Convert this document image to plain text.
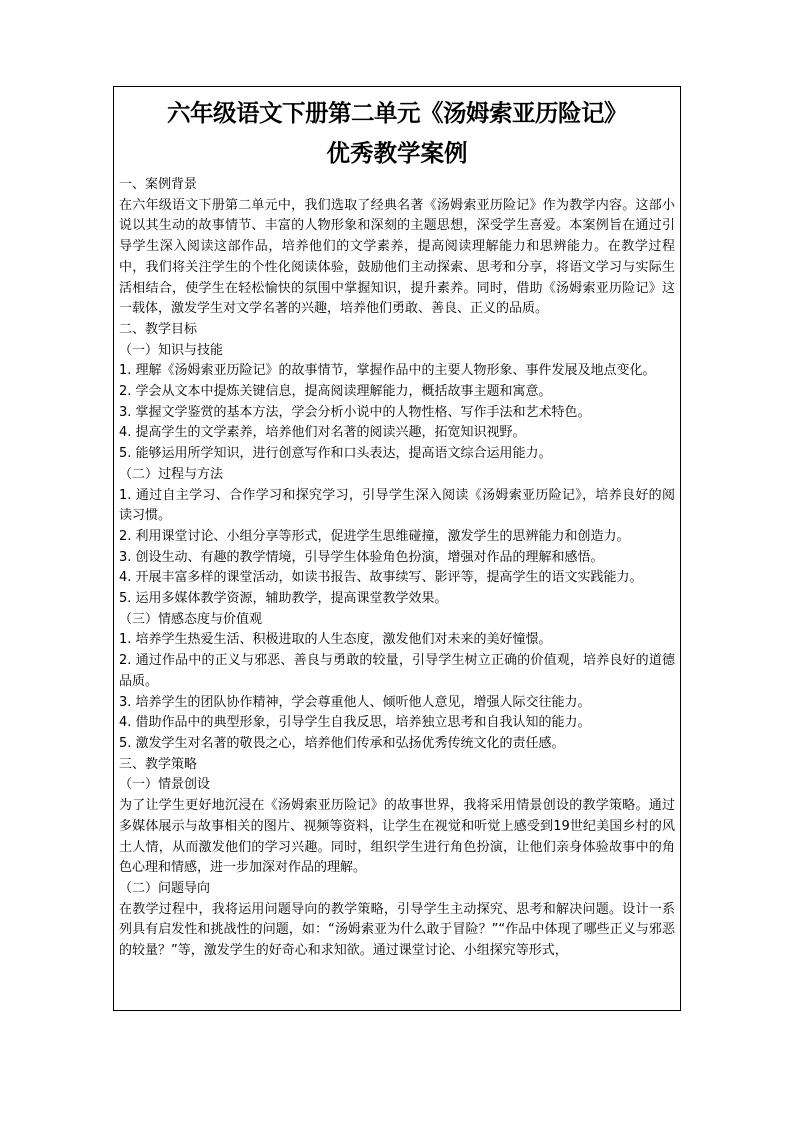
六年级语文下册第二单元《汤姆索亚历险记》
优秀教学案例

一、案例背景

在六年级语文下册第二单元中，我们选取了经典名著《汤姆索亚历险记》作为教学内容。这部小说以其生动的故事情节、丰富的人物形象和深刻的主题思想，深受学生喜爱。本案例旨在通过引导学生深入阅读这部作品，培养他们的文学素养，提高阅读理解能力和思辨能力。在教学过程中，我们将关注学生的个性化阅读体验，鼓励他们主动探索、思考和分享，将语文学习与实际生活相结合，使学生在轻松愉快的氛围中掌握知识，提升素养。同时，借助《汤姆索亚历险记》这一载体，激发学生对文学名著的兴趣，培养他们勇敢、善良、正义的品质。

二、教学目标

（一）知识与技能

1. 理解《汤姆索亚历险记》的故事情节，掌握作品中的主要人物形象、事件发展及地点变化。

2. 学会从文本中提炼关键信息，提高阅读理解能力，概括故事主题和寓意。

3. 掌握文学鉴赏的基本方法，学会分析小说中的人物性格、写作手法和艺术特色。

4. 提高学生的文学素养，培养他们对名著的阅读兴趣，拓宽知识视野。

5. 能够运用所学知识，进行创意写作和口头表达，提高语文综合运用能力。

（二）过程与方法

1. 通过自主学习、合作学习和探究学习，引导学生深入阅读《汤姆索亚历险记》，培养良好的阅读习惯。

2. 利用课堂讨论、小组分享等形式，促进学生思维碰撞，激发学生的思辨能力和创造力。

3. 创设生动、有趣的教学情境，引导学生体验角色扮演，增强对作品的理解和感悟。

4. 开展丰富多样的课堂活动，如读书报告、故事续写、影评等，提高学生的语文实践能力。

5. 运用多媒体教学资源，辅助教学，提高课堂教学效果。

（三）情感态度与价值观

1. 培养学生热爱生活、积极进取的人生态度，激发他们对未来的美好憧憬。

2. 通过作品中的正义与邪恶、善良与勇敢的较量，引导学生树立正确的价值观，培养良好的道德品质。

3. 培养学生的团队协作精神，学会尊重他人、倾听他人意见，增强人际交往能力。

4. 借助作品中的典型形象，引导学生自我反思，培养独立思考和自我认知的能力。

5. 激发学生对名著的敬畏之心，培养他们传承和弘扬优秀传统文化的责任感。

三、教学策略

（一）情景创设

为了让学生更好地沉浸在《汤姆索亚历险记》的故事世界，我将采用情景创设的教学策略。通过多媒体展示与故事相关的图片、视频等资料，让学生在视觉和听觉上感受到19世纪美国乡村的风土人情，从而激发他们的学习兴趣。同时，组织学生进行角色扮演，让他们亲身体验故事中的角色心理和情感，进一步加深对作品的理解。

（二）问题导向

在教学过程中，我将运用问题导向的教学策略，引导学生主动探究、思考和解决问题。设计一系列具有启发性和挑战性的问题，如：“汤姆索亚为什么敢于冒险？”“作品中体现了哪些正义与邪恶的较量？”等，激发学生的好奇心和求知欲。通过课堂讨论、小组探究等形式，
